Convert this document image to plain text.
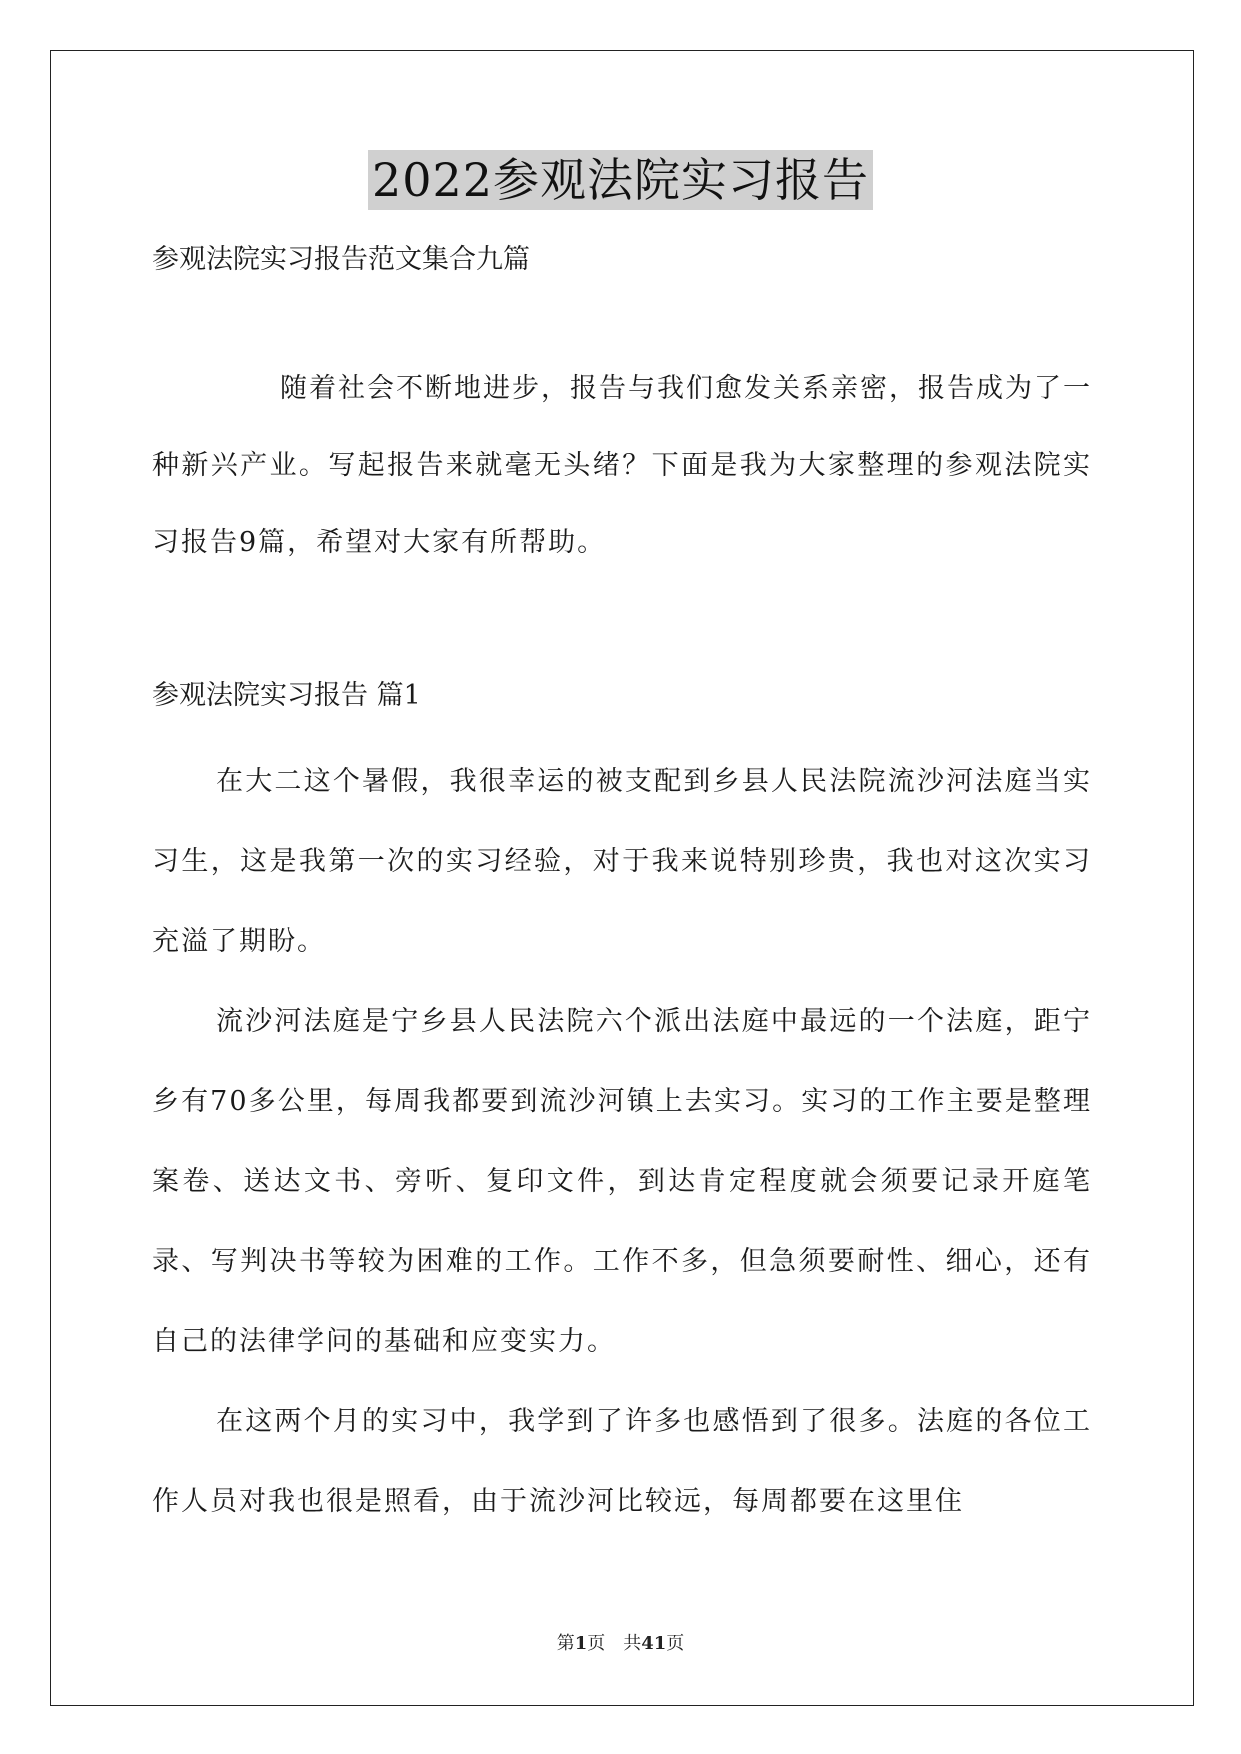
2022参观法院实习报告
参观法院实习报告范文集合九篇
随着社会不断地进步，报告与我们愈发关系亲密，报告成为了一种新兴产业。写起报告来就毫无头绪？下面是我为大家整理的参观法院实习报告9篇，希望对大家有所帮助。
参观法院实习报告 篇1

在大二这个暑假，我很幸运的被支配到乡县人民法院流沙河法庭当实习生，这是我第一次的实习经验，对于我来说特别珍贵，我也对这次实习充溢了期盼。

流沙河法庭是宁乡县人民法院六个派出法庭中最远的一个法庭，距宁乡有70多公里，每周我都要到流沙河镇上去实习。实习的工作主要是整理案卷、送达文书、旁听、复印文件，到达肯定程度就会须要记录开庭笔录、写判决书等较为困难的工作。工作不多，但急须要耐性、细心，还有自己的法律学问的基础和应变实力。

在这两个月的实习中，我学到了许多也感悟到了很多。法庭的各位工作人员对我也很是照看，由于流沙河比较远，每周都要在这里住

第1页　共41页
